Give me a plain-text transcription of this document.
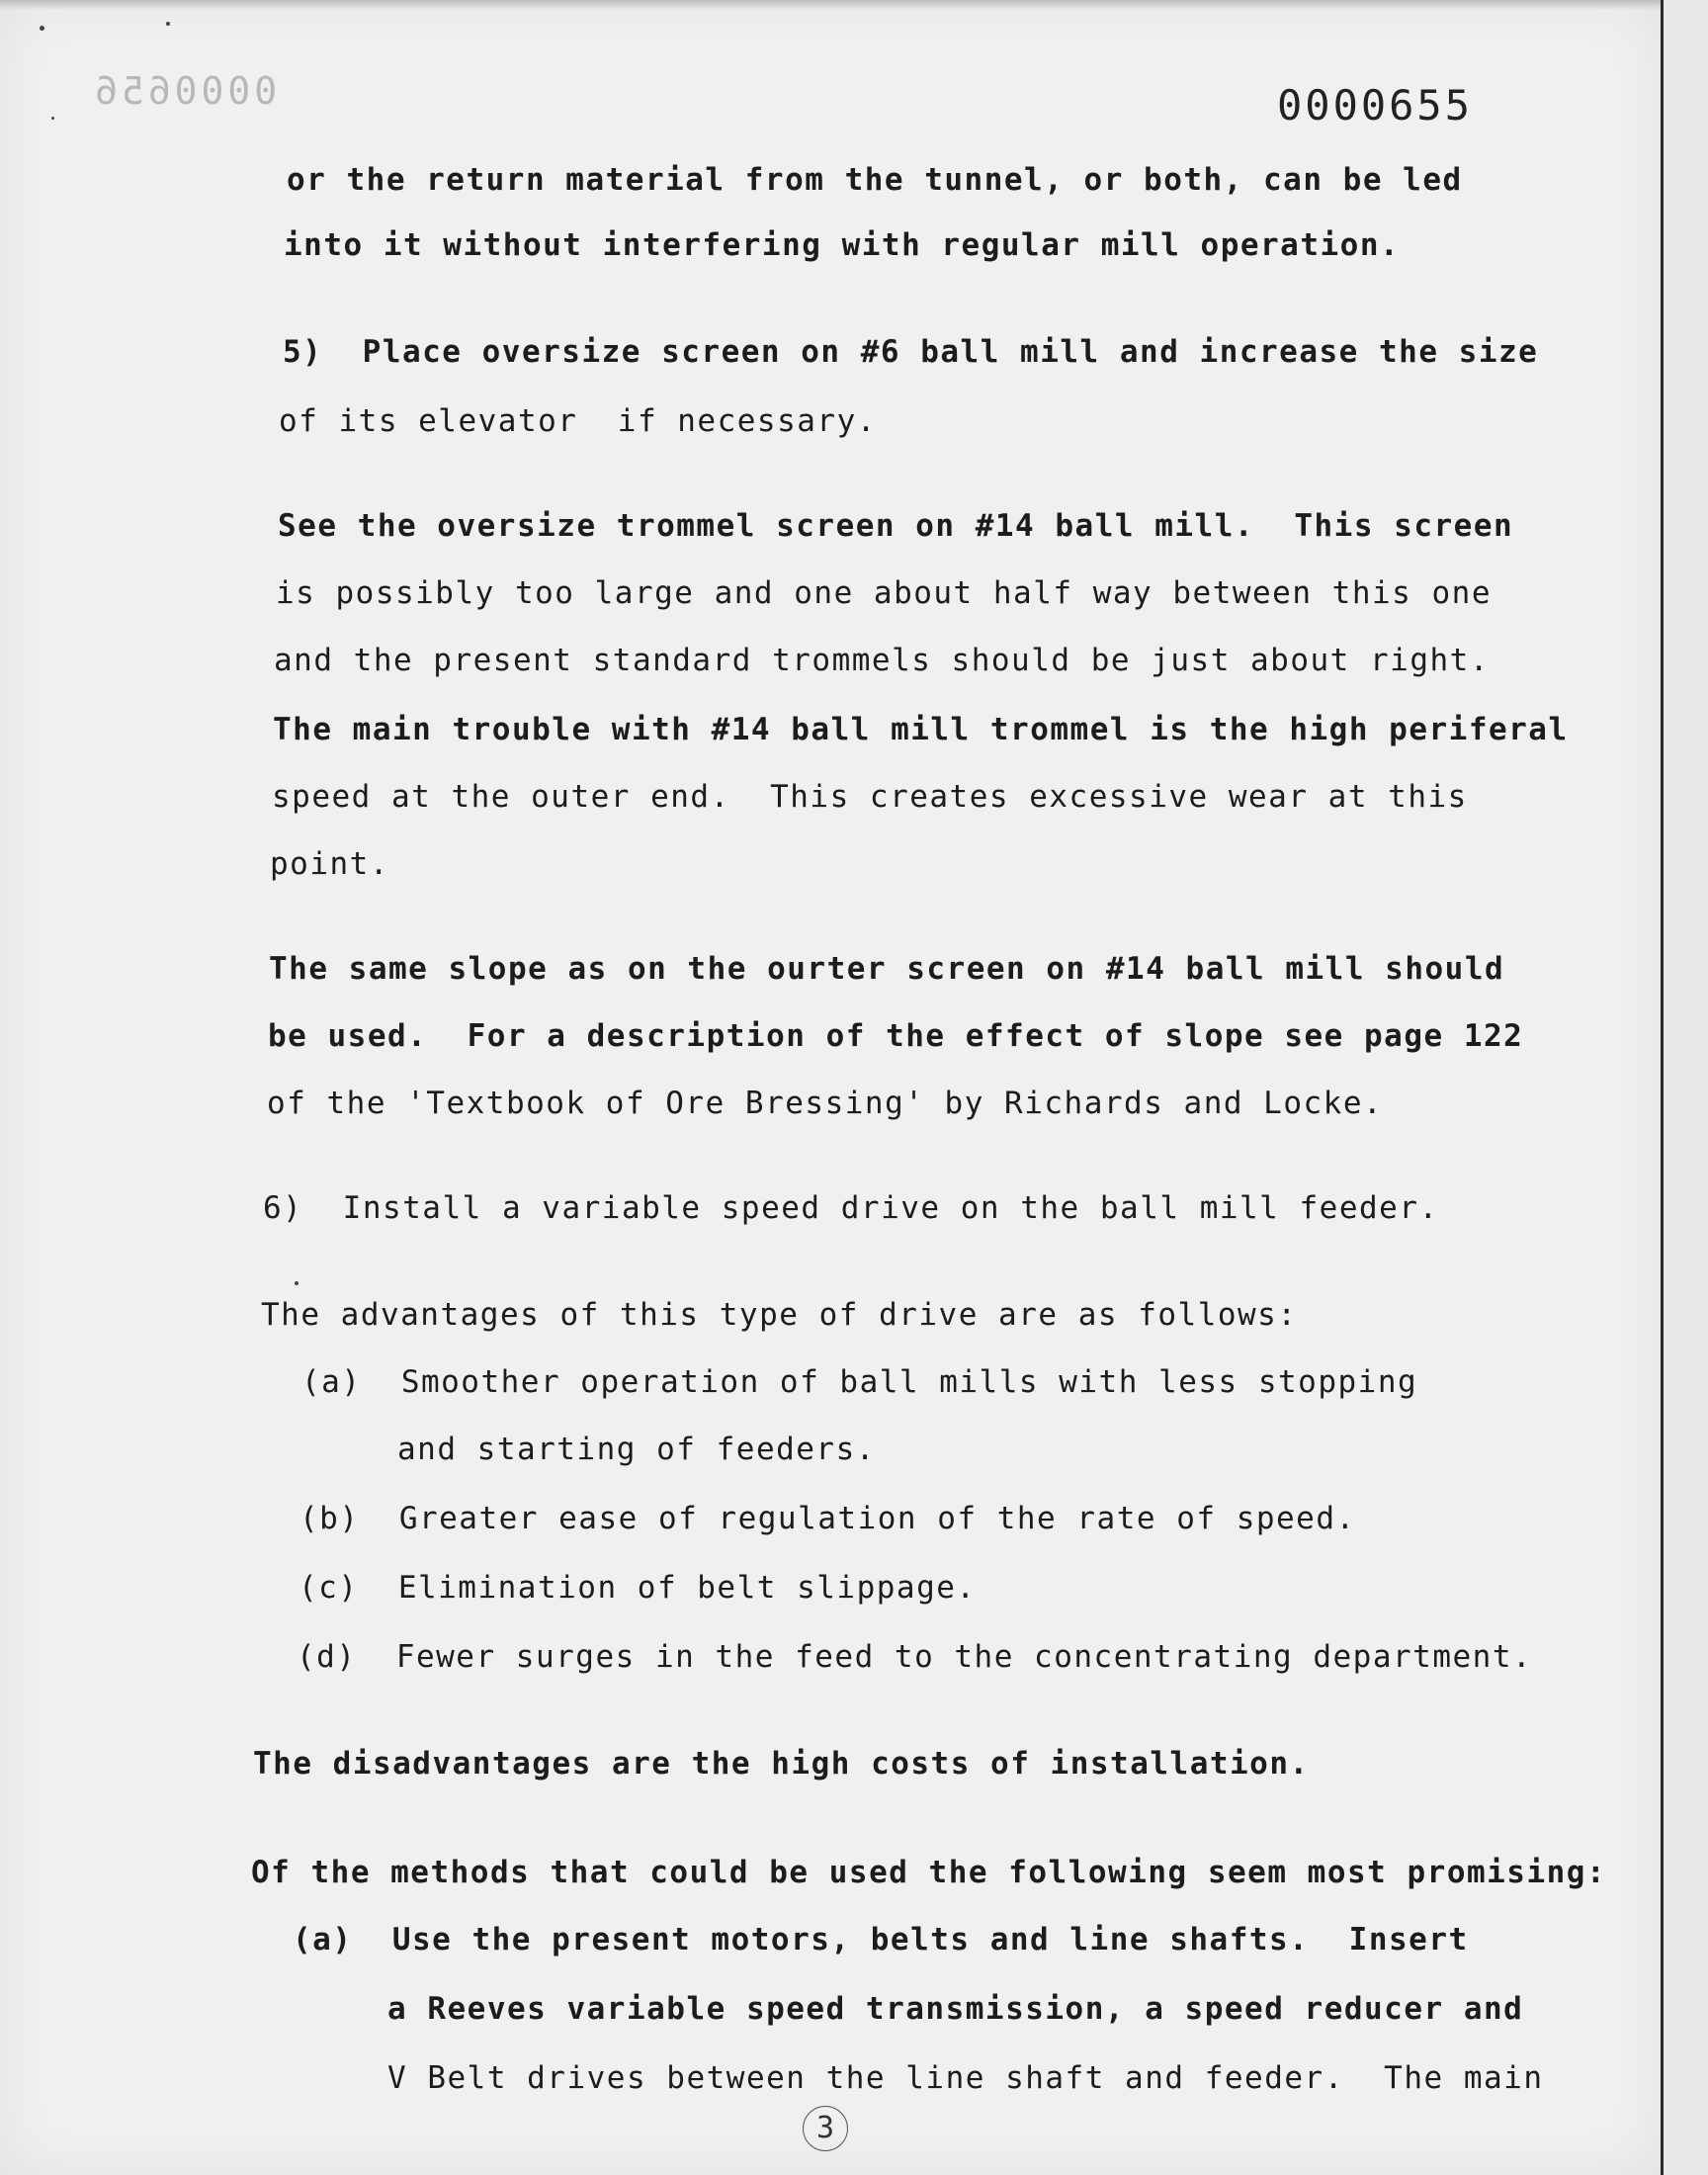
0000656	0000655
or the return material from the tunnel, or both, can be led
into it without interfering with regular mill operation.
5)  Place oversize screen on #6 ball mill and increase the size
of its elevator  if necessary.
See the oversize trommel screen on #14 ball mill.  This screen
is possibly too large and one about half way between this one
and the present standard trommels should be just about right.
The main trouble with #14 ball mill trommel is the high periferal
speed at the outer end.  This creates excessive wear at this
point.
The same slope as on the ourter screen on #14 ball mill should
be used.  For a description of the effect of slope see page 122
of the 'Textbook of Ore Bressing' by Richards and Locke.
6)  Install a variable speed drive on the ball mill feeder.
The advantages of this type of drive are as follows:
(a)  Smoother operation of ball mills with less stopping
and starting of feeders.
(b)  Greater ease of regulation of the rate of speed.
(c)  Elimination of belt slippage.
(d)  Fewer surges in the feed to the concentrating department.
The disadvantages are the high costs of installation.
Of the methods that could be used the following seem most promising:
(a)  Use the present motors, belts and line shafts.  Insert
a Reeves variable speed transmission, a speed reducer and
V Belt drives between the line shaft and feeder.  The main
3
